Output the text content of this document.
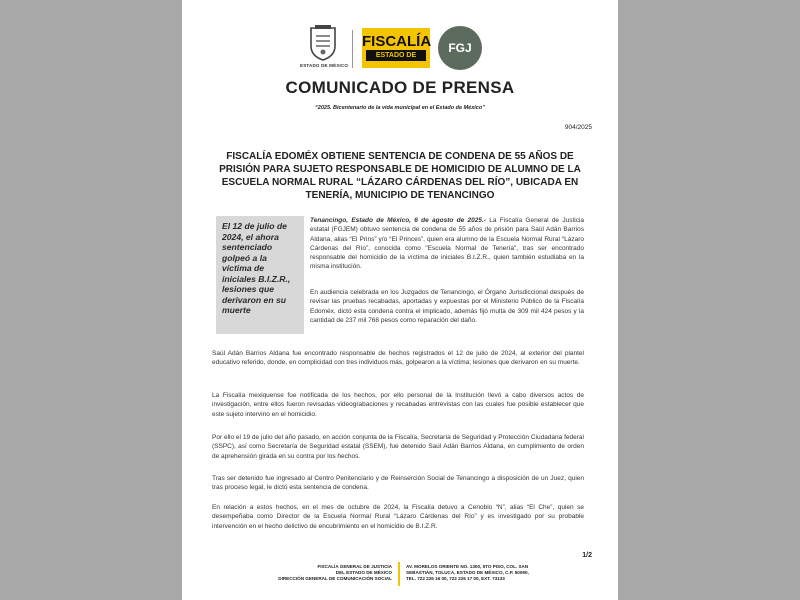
ESTADO DE MÉXICO
FISCALÍA
ESTADO DE MÉXICO
FGJ
COMUNICADO DE PRENSA
“2025. Bicentenario de la vida municipal en el Estado de México”
904/2025
FISCALÍA EDOMÉX OBTIENE SENTENCIA DE CONDENA DE 55 AÑOS DE PRISIÓN PARA SUJETO RESPONSABLE DE HOMICIDIO DE ALUMNO DE LA ESCUELA NORMAL RURAL “LÁZARO CÁRDENAS DEL RÍO”, UBICADA EN TENERÍA, MUNICIPIO DE TENANCINGO

El 12 de julio de 2024, el ahora sentenciado golpeó a la víctima de iniciales B.I.Z.R., lesiones que derivaron en su muerte

Tenancingo, Estado de México, 6 de agosto de 2025.- La Fiscalía General de Justicia estatal (FGJEM) obtuvo sentencia de condena de 55 años de prisión para Saúl Adán Barrios Aldana, alias “El Prins” y/o “El Princes”, quien era alumno de la Escuela Normal Rural “Lázaro Cárdenas del Río”, conocida como "Escuela Normal de Tenería", tras ser encontrado responsable del homicidio de la víctima de iniciales B.I.Z.R., quien también estudiaba en la misma institución.

En audiencia celebrada en los Juzgados de Tenancingo, el Órgano Jurisdiccional después de revisar las pruebas recabadas, aportadas y expuestas por el Ministerio Público de la Fiscalía Edoméx, dictó esta condena contra el implicado, además fijó multa de 309 mil 424 pesos y la cantidad de 237 mil 768 pesos como reparación del daño.

Saúl Adán Barrios Aldana fue encontrado responsable de hechos registrados el 12 de julio de 2024, al exterior del plantel educativo referido, donde, en complicidad con tres individuos más, golpearon a la víctima; lesiones que derivaron en su muerte.

La Fiscalía mexiquense fue notificada de los hechos, por ello personal de la Institución llevó a cabo diversos actos de investigación, entre ellos fueron revisadas videograbaciones y recabadas entrevistas con las cuales fue posible establecer que este sujeto intervino en el homicidio.

Por ello el 19 de julio del año pasado, en acción conjunta de la Fiscalía, Secretaría de Seguridad y Protección Ciudadana federal (SSPC), así como Secretaría de Seguridad estatal (SSEM), fue detenido Saúl Adán Barrios Aldana, en cumplimiento de orden de aprehensión girada en su contra por los hechos.

Tras ser detenido fue ingresado al Centro Penitenciario y de Reinserción Social de Tenancingo a disposición de un Juez, quien tras proceso legal, le dictó esta sentencia de condena.

En relación a estos hechos, en el mes de octubre de 2024, la Fiscalía detuvo a Cenobio “N”, alias “El Che”, quien se desempeñaba como Director de la Escuela Normal Rural “Lázaro Cárdenas del Río” y es investigado por su probable intervención en el hecho delictivo de encubrimiento en el homicidio de B.I.Z.R.

1/2
FISCALÍA GENERAL DE JUSTICIA
DEL ESTADO DE MÉXICO
DIRECCIÓN GENERAL DE COMUNICACIÓN SOCIAL
AV. MORELOS ORIENTE NO. 1300, 5TO PISO, COL. SAN
SEBASTIÁN, TOLUCA, ESTADO DE MÉXICO, C.P. 50090,
TEL. 722 226 16 00, 722 226 17 00, EXT. 73133
